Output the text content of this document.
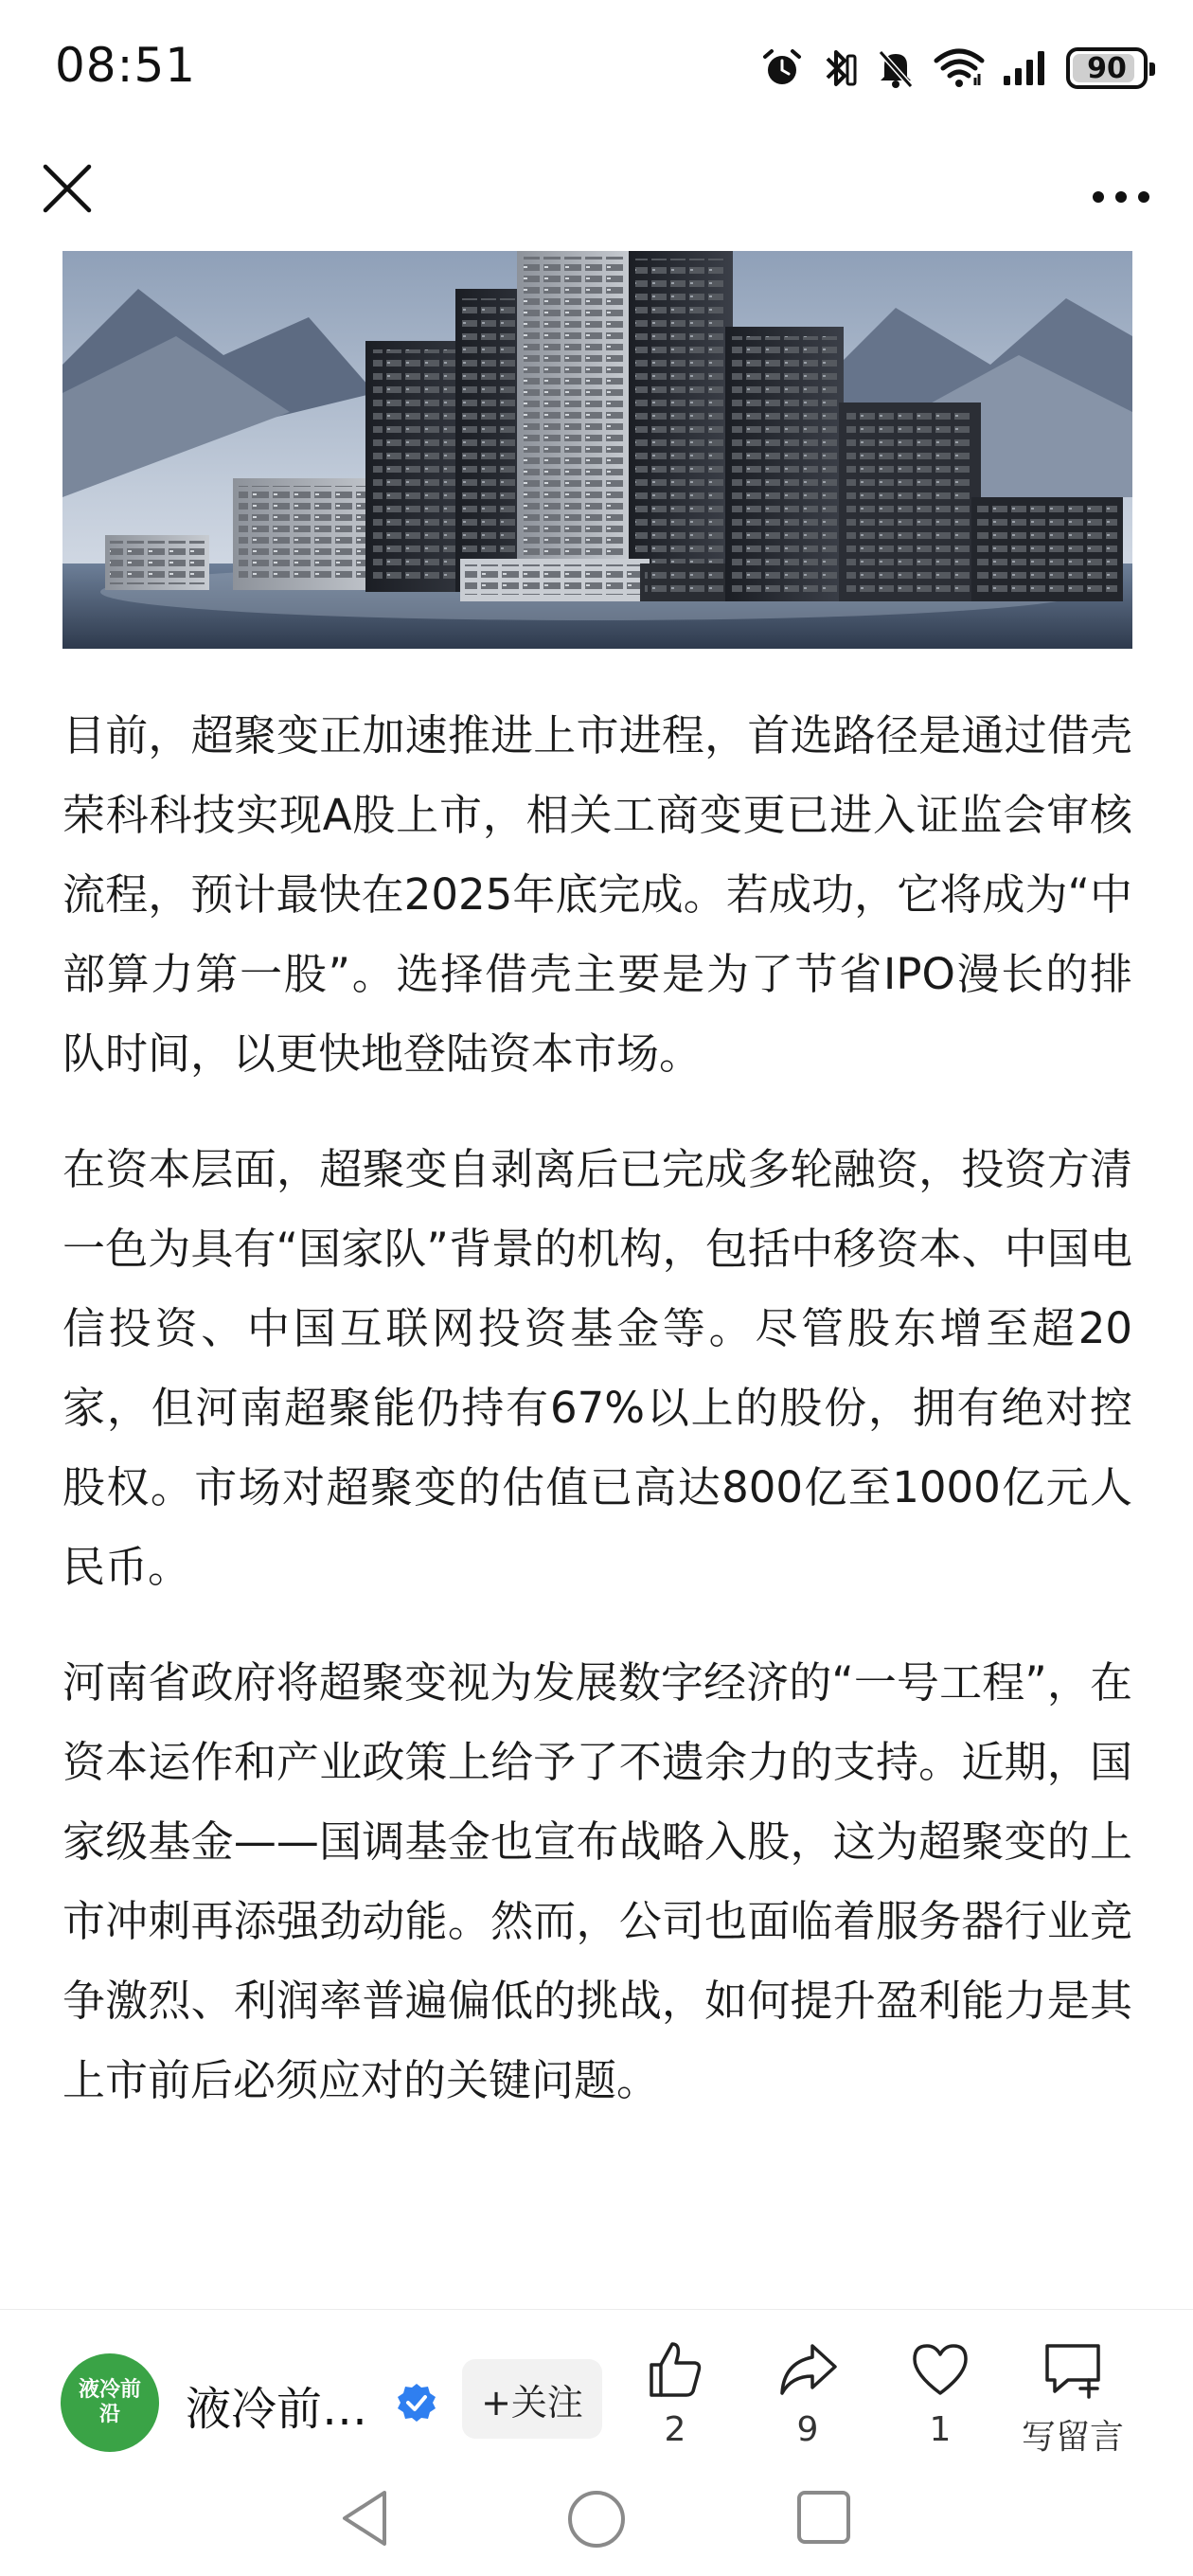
08:51	90

目前，超聚变正加速推进上市进程，首选路径是通过借壳荣科科技实现A股上市，相关工商变更已进入证监会审核流程，预计最快在2025年底完成。若成功，它将成为“中部算力第一股”。选择借壳主要是为了节省IPO漫长的排队时间，以更快地登陆资本市场。

在资本层面，超聚变自剥离后已完成多轮融资，投资方清一色为具有“国家队”背景的机构，包括中移资本、中国电信投资、中国互联网投资基金等。尽管股东增至超20家，但河南超聚能仍持有67%以上的股份，拥有绝对控股权。市场对超聚变的估值已高达800亿至1000亿元人民币。

河南省政府将超聚变视为发展数字经济的“一号工程”，在资本运作和产业政策上给予了不遗余力的支持。近期，国家级基金——国调基金也宣布战略入股，这为超聚变的上市冲刺再添强劲动能。然而，公司也面临着服务器行业竞争激烈、利润率普遍偏低的挑战，如何提升盈利能力是其上市前后必须应对的关键问题。

液冷前沿	液冷前…	+关注
2	9	1 写留言
